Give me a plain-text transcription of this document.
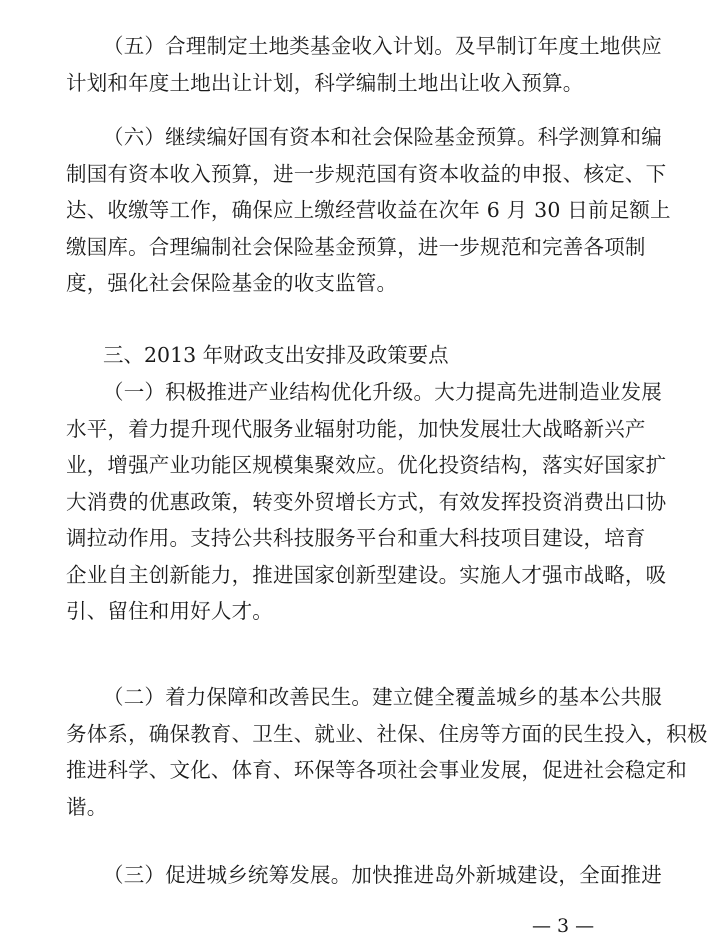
（五）合理制定土地类基金收入计划。及早制订年度土地供应
计划和年度土地出让计划，科学编制土地出让收入预算。
（六）继续编好国有资本和社会保险基金预算。科学测算和编
制国有资本收入预算，进一步规范国有资本收益的申报、核定、下
达、收缴等工作，确保应上缴经营收益在次年 6 月 30 日前足额上
缴国库。合理编制社会保险基金预算，进一步规范和完善各项制
度，强化社会保险基金的收支监管。
三、2013 年财政支出安排及政策要点
（一）积极推进产业结构优化升级。大力提高先进制造业发展
水平，着力提升现代服务业辐射功能，加快发展壮大战略新兴产
业，增强产业功能区规模集聚效应。优化投资结构，落实好国家扩
大消费的优惠政策，转变外贸增长方式，有效发挥投资消费出口协
调拉动作用。支持公共科技服务平台和重大科技项目建设，培育
企业自主创新能力，推进国家创新型建设。实施人才强市战略，吸
引、留住和用好人才。
（二）着力保障和改善民生。建立健全覆盖城乡的基本公共服
务体系，确保教育、卫生、就业、社保、住房等方面的民生投入，积极
推进科学、文化、体育、环保等各项社会事业发展，促进社会稳定和
谐。
（三）促进城乡统筹发展。加快推进岛外新城建设，全面推进
— 3 —
